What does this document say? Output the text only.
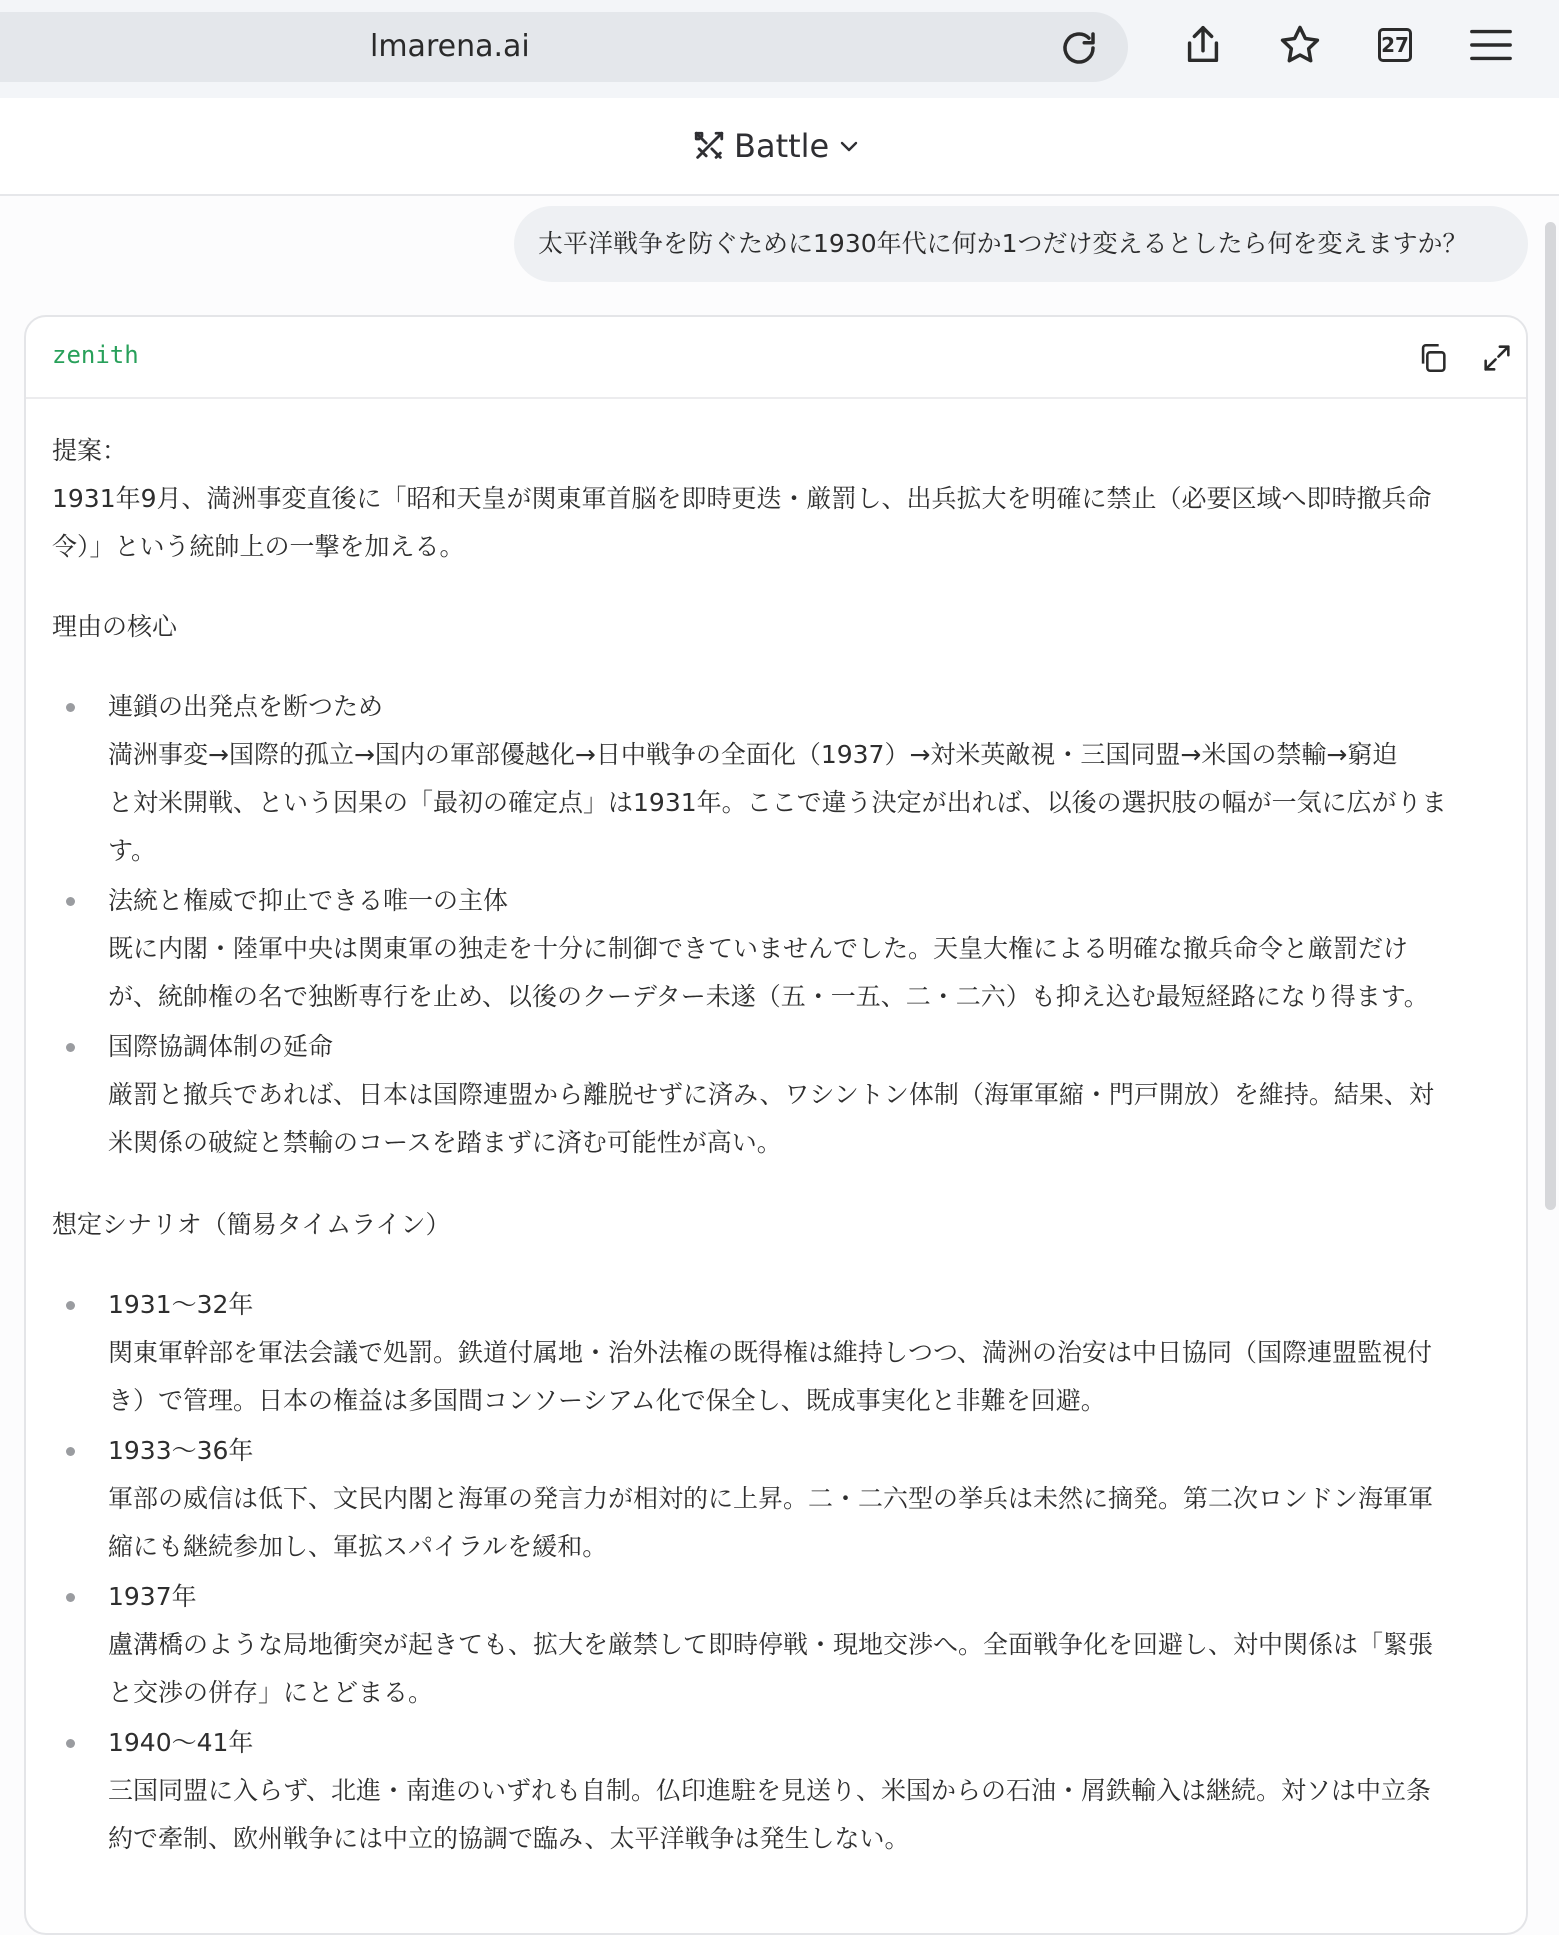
lmarena.ai	27
Battle
太平洋戦争を防ぐために1930年代に何か1つだけ変えるとしたら何を変えますか？
zenith

提案：

1931年9月、満洲事変直後に「昭和天皇が関東軍首脳を即時更迭・厳罰し、出兵拡大を明確に禁止（必要区域へ即時撤兵命

令）」という統帥上の一撃を加える。

理由の核心

連鎖の出発点を断つため

満洲事変→国際的孤立→国内の軍部優越化→日中戦争の全面化（1937）→対米英敵視・三国同盟→米国の禁輸→窮迫

と対米開戦、という因果の「最初の確定点」は1931年。ここで違う決定が出れば、以後の選択肢の幅が一気に広がりま

す。

法統と権威で抑止できる唯一の主体

既に内閣・陸軍中央は関東軍の独走を十分に制御できていませんでした。天皇大権による明確な撤兵命令と厳罰だけ

が、統帥権の名で独断専行を止め、以後のクーデター未遂（五・一五、二・二六）も抑え込む最短経路になり得ます。

国際協調体制の延命

厳罰と撤兵であれば、日本は国際連盟から離脱せずに済み、ワシントン体制（海軍軍縮・門戸開放）を維持。結果、対

米関係の破綻と禁輸のコースを踏まずに済む可能性が高い。

想定シナリオ（簡易タイムライン）

1931〜32年

関東軍幹部を軍法会議で処罰。鉄道付属地・治外法権の既得権は維持しつつ、満洲の治安は中日協同（国際連盟監視付

き）で管理。日本の権益は多国間コンソーシアム化で保全し、既成事実化と非難を回避。

1933〜36年

軍部の威信は低下、文民内閣と海軍の発言力が相対的に上昇。二・二六型の挙兵は未然に摘発。第二次ロンドン海軍軍

縮にも継続参加し、軍拡スパイラルを緩和。

1937年

盧溝橋のような局地衝突が起きても、拡大を厳禁して即時停戦・現地交渉へ。全面戦争化を回避し、対中関係は「緊張

と交渉の併存」にとどまる。

1940〜41年

三国同盟に入らず、北進・南進のいずれも自制。仏印進駐を見送り、米国からの石油・屑鉄輸入は継続。対ソは中立条

約で牽制、欧州戦争には中立的協調で臨み、太平洋戦争は発生しない。
